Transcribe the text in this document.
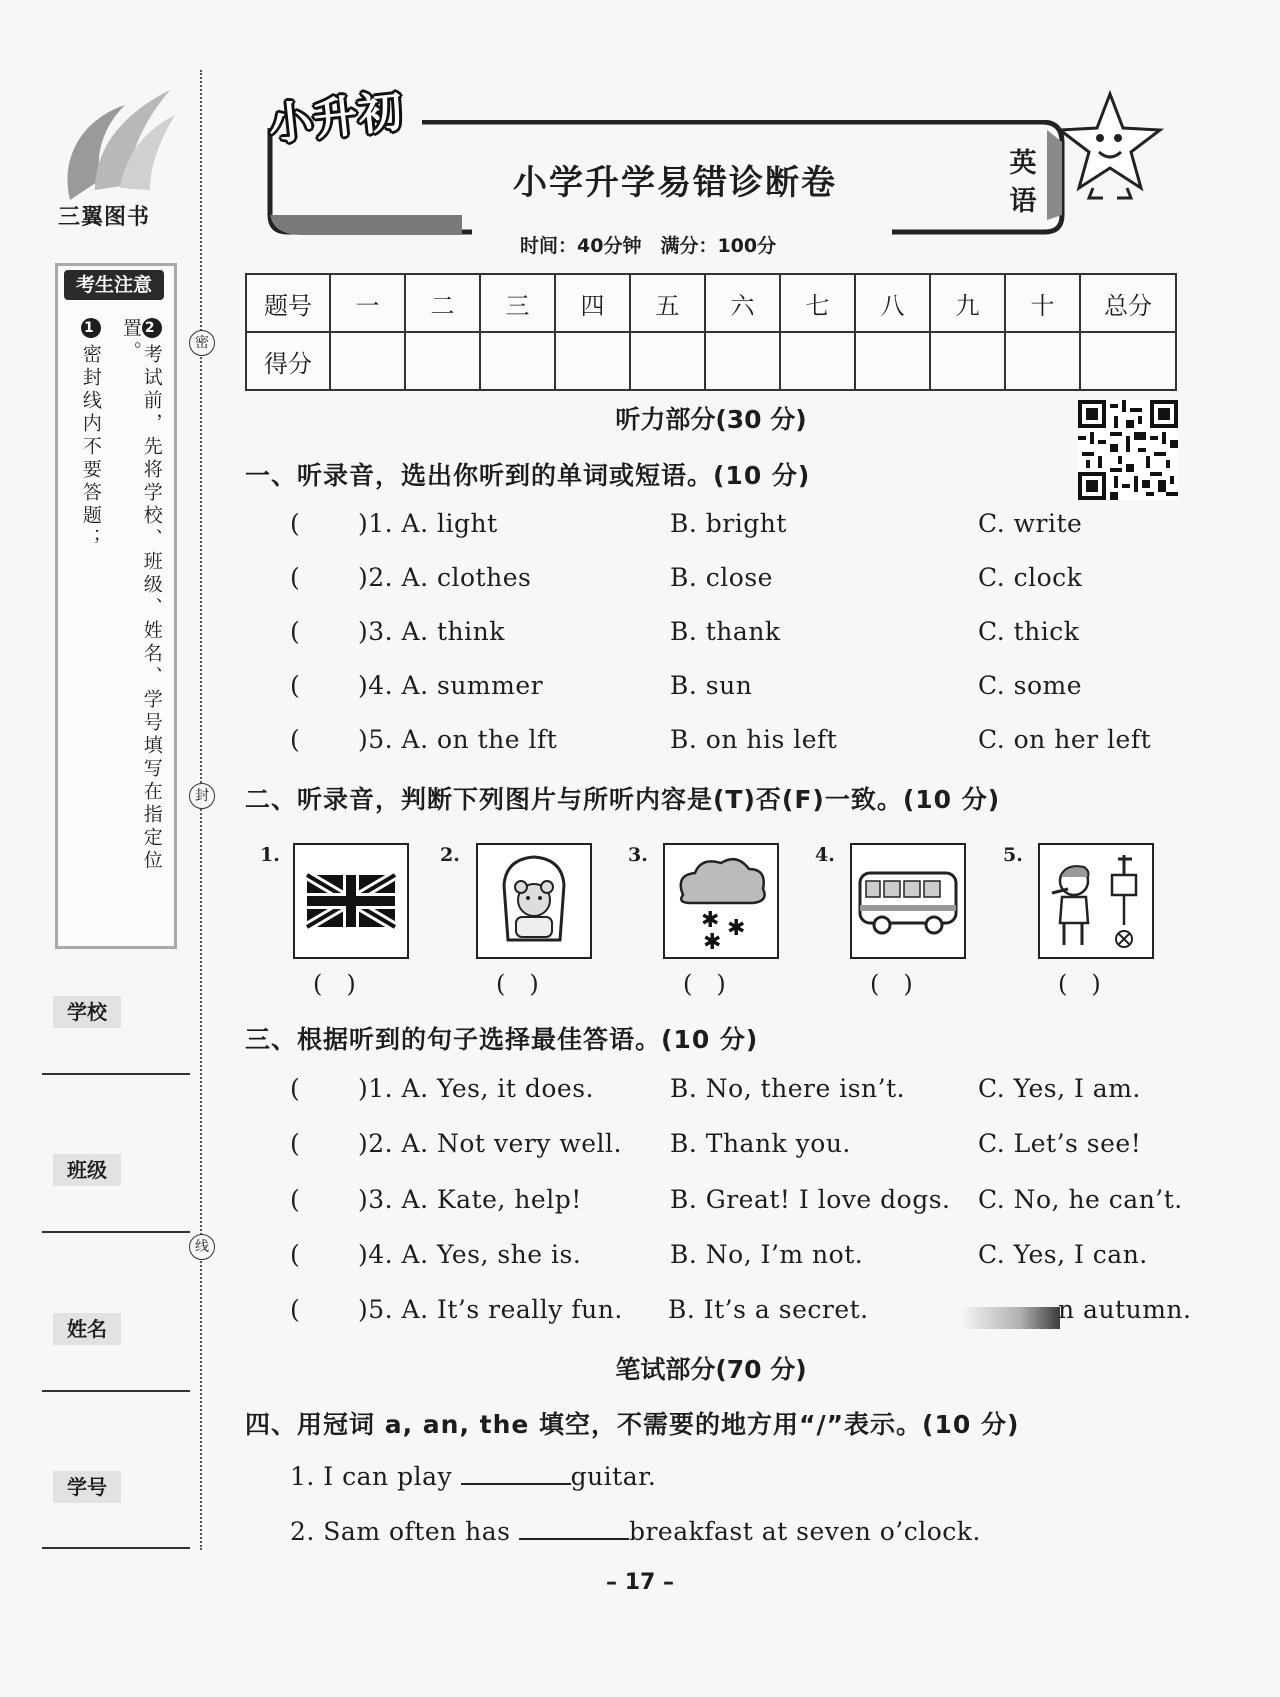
三翼图书
考生注意
2考试前，先将学校、班级、姓名、学号填写在指定位置。
1密封线内不要答题；
学校
班级
姓名
学号
密
封
线
小升初
小学升学易错诊断卷	英
语
时间：40分钟　满分：100分
题号	一	二	三	四	五	六	七	八	九	十	总分
得分											
听力部分(30 分)
一、听录音，选出你听到的单词或短语。(10 分)
( )1. A. light	B. bright	C. write
( )2. A. clothes	B. close	C. clock
( )3. A. think	B. thank	C. thick
( )4. A. summer	B. sun	C. some
( )5. A. on the lft	B. on his left	C. on her left
二、听录音，判断下列图片与所听内容是(T)否(F)一致。(10 分)
1.	2.	3.
✱ ✱
✱
4.	5.
(　)	(　)	(　)	(　)	(　)
三、根据听到的句子选择最佳答语。(10 分)
( )1. A. Yes, it does.	B. No, there isn’t.	C. Yes, I am.
( )2. A. Not very well. B. Thank you.	C. Let’s see!
( )3. A. Kate, help!	B. Great! I love dogs. C. No, he can’t.
( )4. A. Yes, she is.	B. No, I’m not.	C. Yes, I can.
( )5. A. It’s really fun. B. It’s a secret.	n autumn.
笔试部分(70 分)
四、用冠词 a, an, the 填空，不需要的地方用“/”表示。(10 分)
1. I can play	guitar.
2. Sam often has	breakfast at seven o’clock.
– 17 –
